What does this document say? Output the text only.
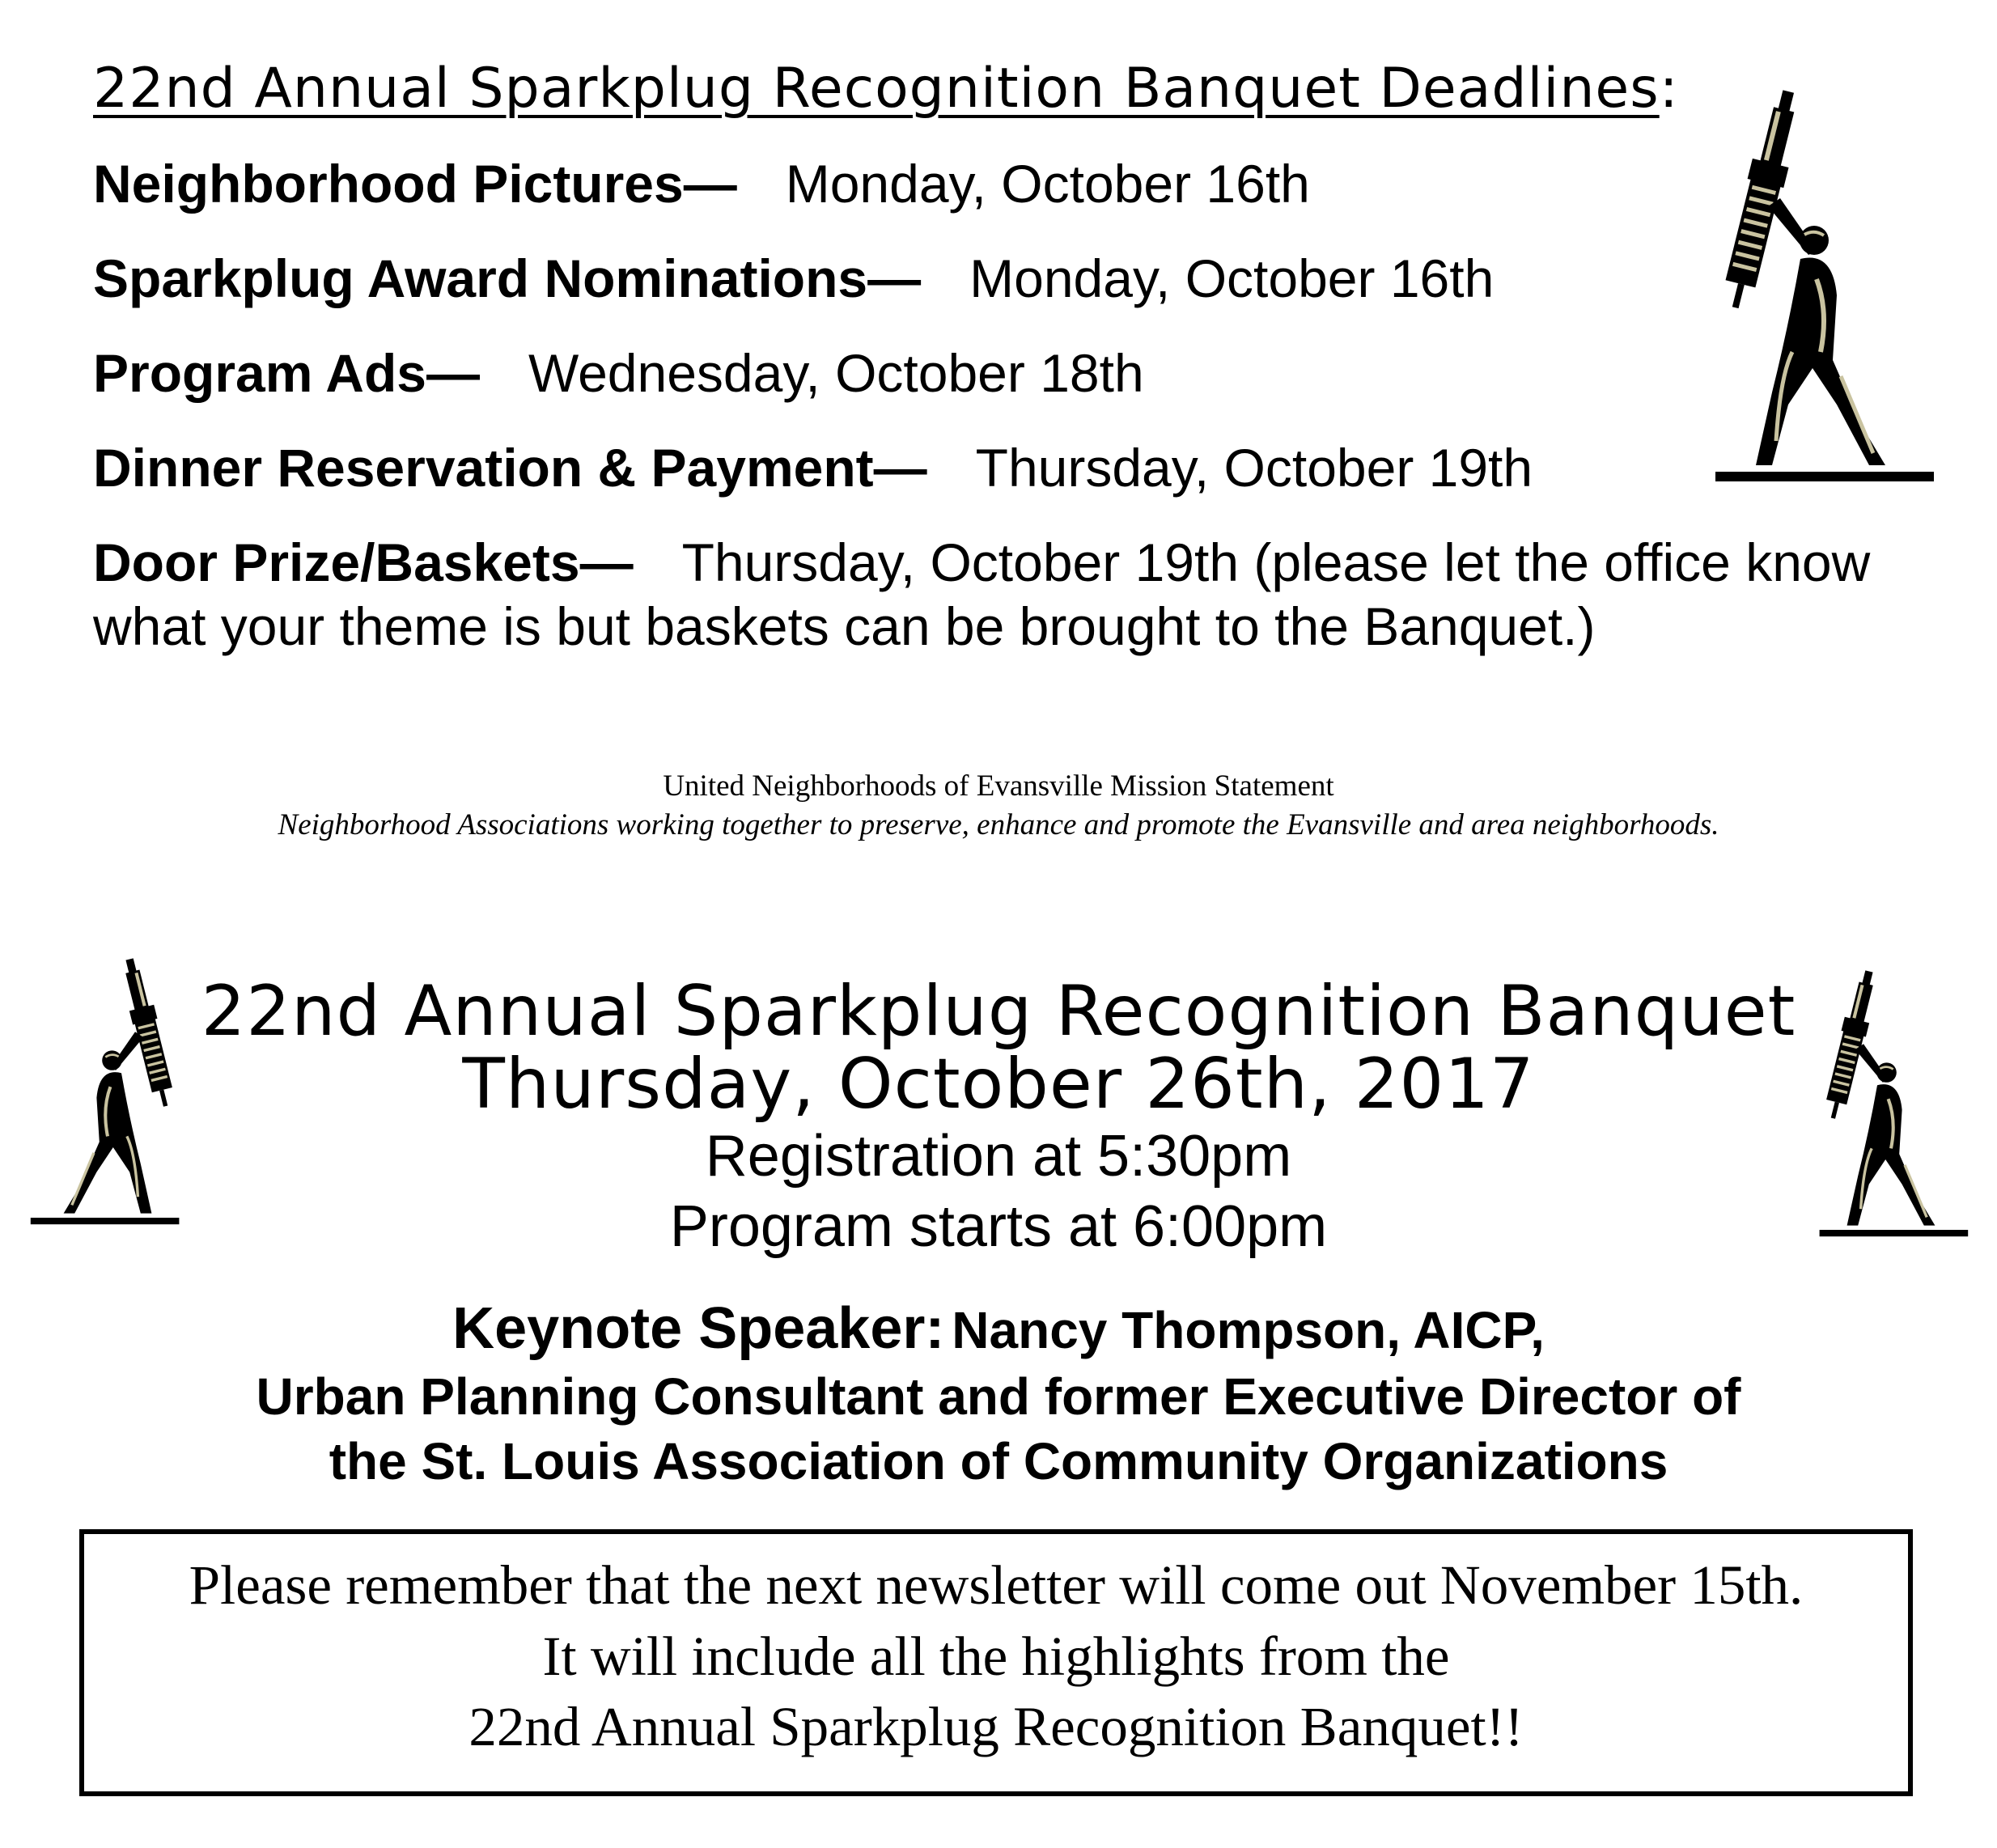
22nd Annual Sparkplug Recognition Banquet Deadlines:
Neighborhood Pictures— Monday, October 16th
Sparkplug Award Nominations— Monday, October 16th
Program Ads— Wednesday, October 18th
Dinner Reservation & Payment— Thursday, October 19th
Door Prize/Baskets— Thursday, October 19th (please let the office know what your theme is but baskets can be brought to the Banquet.)
United Neighborhoods of Evansville Mission Statement
Neighborhood Associations working together to preserve, enhance and promote the Evansville and area neighborhoods.
22nd Annual Sparkplug Recognition Banquet
Thursday, October 26th, 2017
Registration at 5:30pm
Program starts at 6:00pm
Keynote Speaker: Nancy Thompson, AICP,
Urban Planning Consultant and former Executive Director of
the St. Louis Association of Community Organizations
Please remember that the next newsletter will come out November 15th.
It will include all the highlights from the
22nd Annual Sparkplug Recognition Banquet!!
